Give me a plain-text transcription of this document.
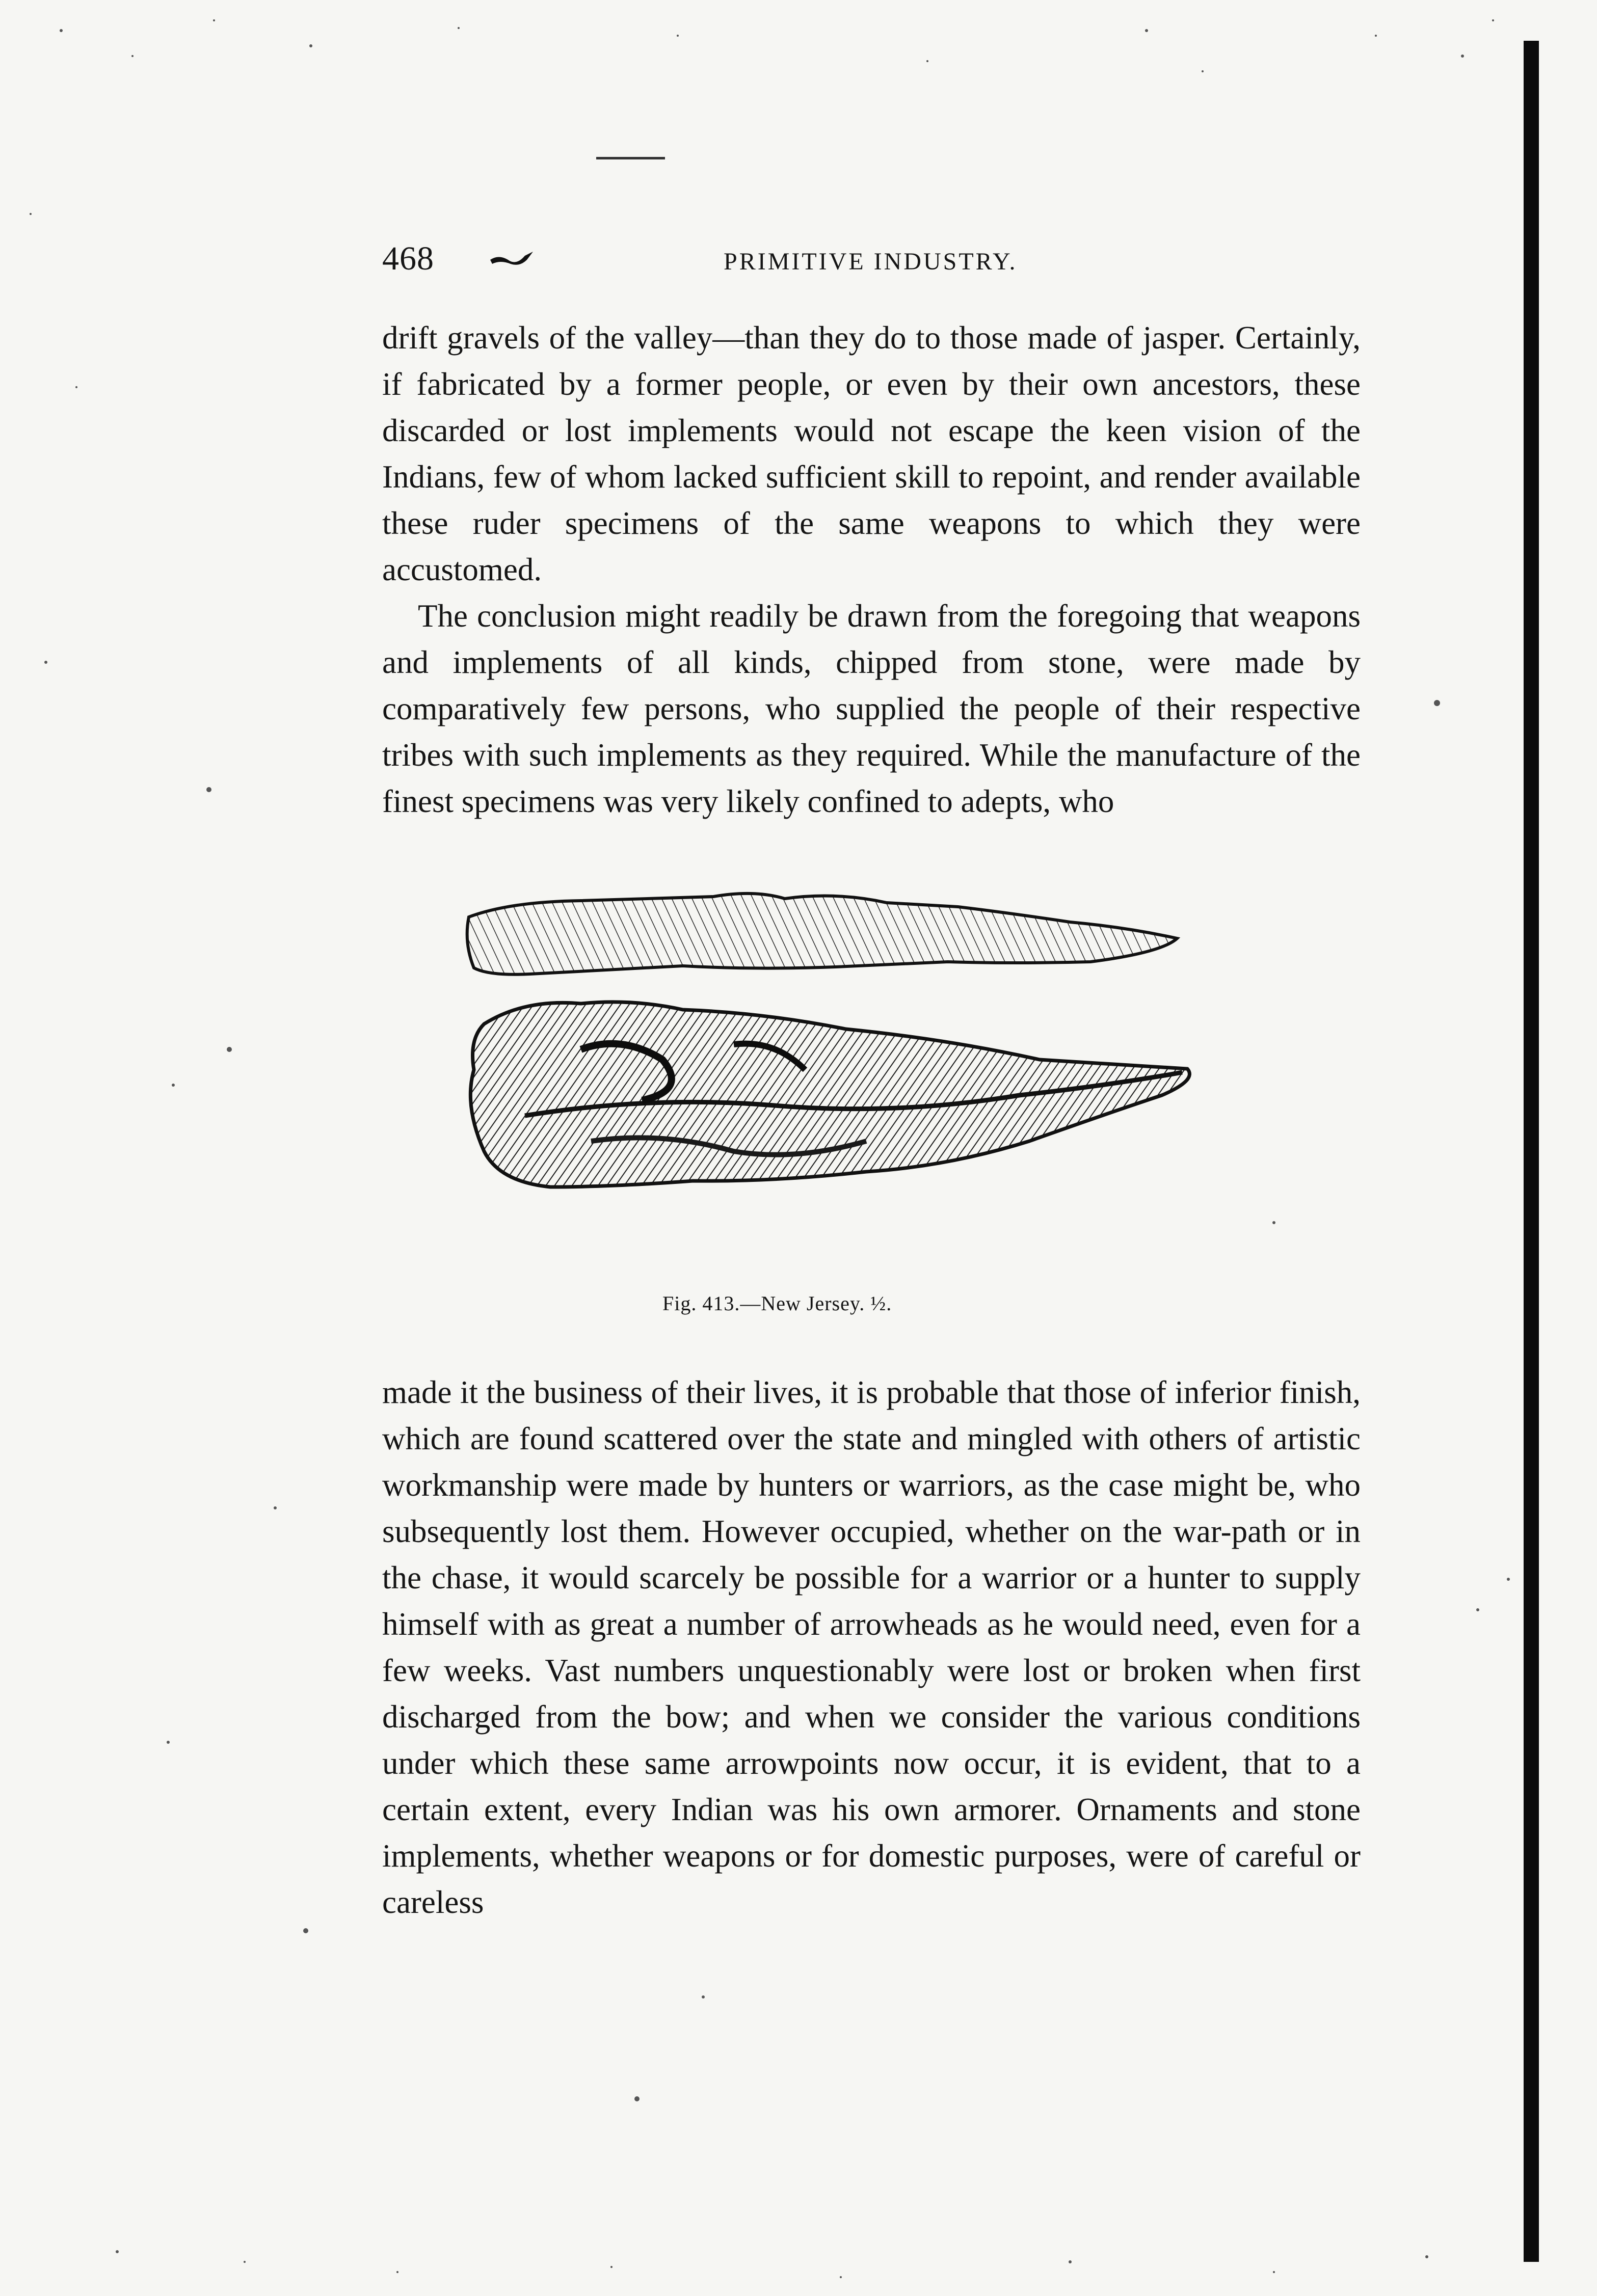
468	PRIMITIVE INDUSTRY.

drift gravels of the valley—than they do to those made of jasper. Certainly, if fabricated by a former people, or even by their own ancestors, these discarded or lost implements would not escape the keen vision of the Indians, few of whom lacked sufficient skill to repoint, and render available these ruder specimens of the same weapons to which they were accustomed.

The conclusion might readily be drawn from the foregoing that weapons and implements of all kinds, chipped from stone, were made by comparatively few persons, who supplied the people of their respective tribes with such implements as they required. While the manufacture of the finest specimens was very likely confined to adepts, who

Fig. 413.—New Jersey. ½.

made it the business of their lives, it is probable that those of inferior finish, which are found scattered over the state and mingled with others of artistic workmanship were made by hunters or warriors, as the case might be, who subsequently lost them. However occupied, whether on the war-path or in the chase, it would scarcely be possible for a warrior or a hunter to supply himself with as great a number of arrowheads as he would need, even for a few weeks. Vast numbers unquestionably were lost or broken when first discharged from the bow; and when we consider the various conditions under which these same arrowpoints now occur, it is evident, that to a certain extent, every Indian was his own armorer. Ornaments and stone implements, whether weapons or for domestic purposes, were of careful or careless
